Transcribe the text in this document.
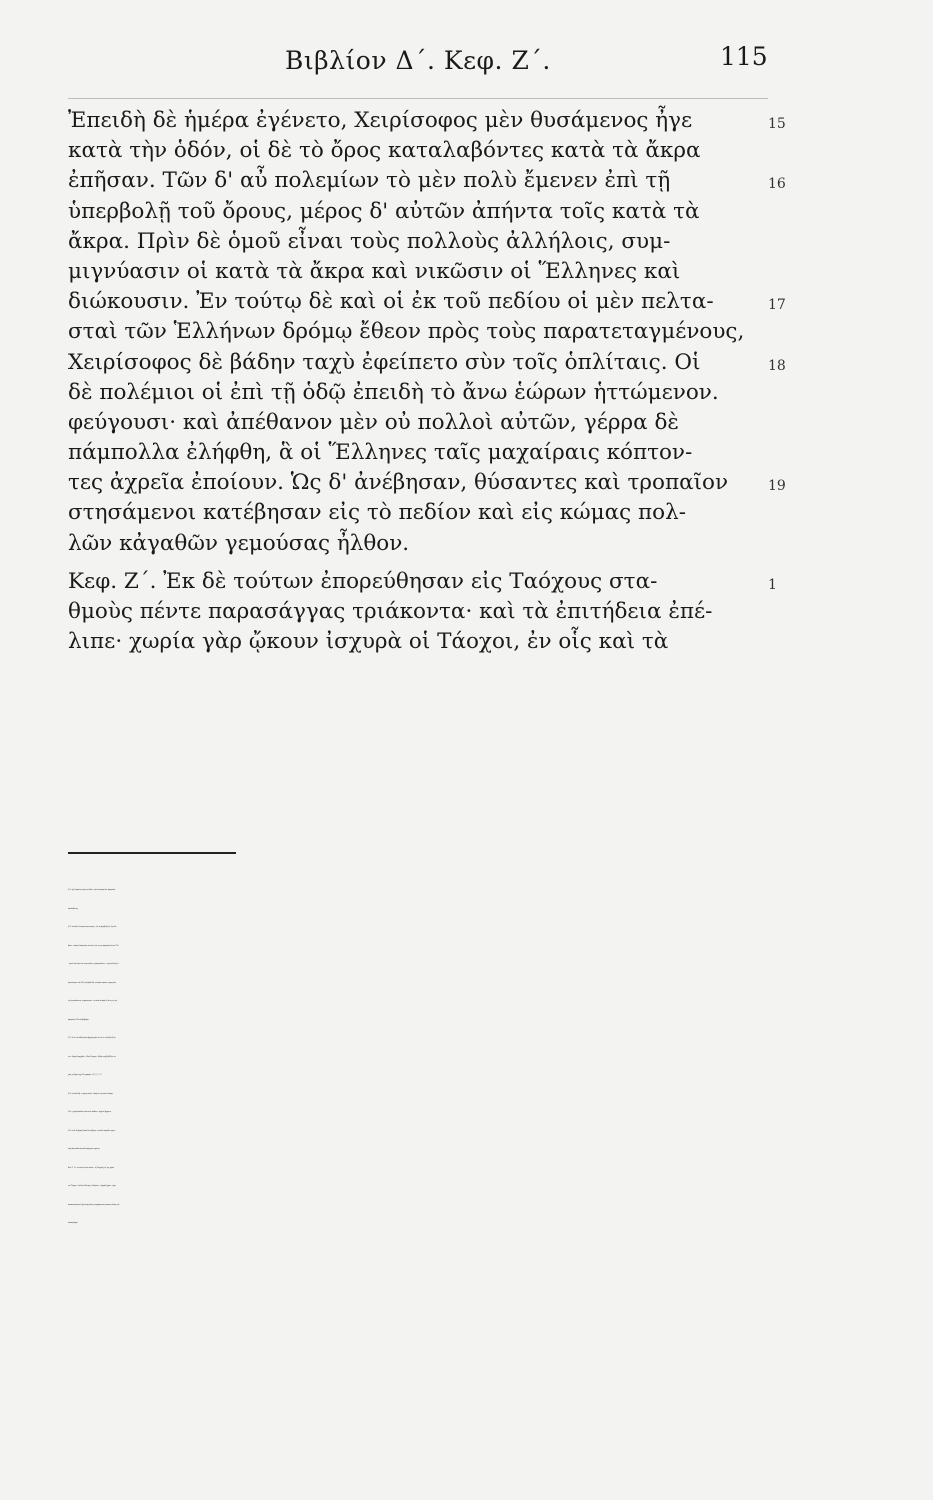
Βιβλίον Δ΄. Κεφ. Ζ΄.	115
Ἐπειδὴ δὲ ἡμέρα ἐγένετο, Χειρίσοφος μὲν θυσάμενος ἦγε	15
κατὰ τὴν ὁδόν, οἱ δὲ τὸ ὄρος καταλαβόντες κατὰ τὰ ἄκρα
ἐπῆσαν. Τῶν δ' αὖ πολεμίων τὸ μὲν πολὺ ἔμενεν ἐπὶ τῇ	16
ὑπερβολῇ τοῦ ὄρους, μέρος δ' αὐτῶν ἀπήντα τοῖς κατὰ τὰ
ἄκρα. Πρὶν δὲ ὁμοῦ εἶναι τοὺς πολλοὺς ἀλλήλοις, συμ-
μιγνύασιν οἱ κατὰ τὰ ἄκρα καὶ νικῶσιν οἱ Ἕλληνες καὶ
διώκουσιν. Ἐν τούτῳ δὲ καὶ οἱ ἐκ τοῦ πεδίου οἱ μὲν πελτα-	17
σταὶ τῶν Ἑλλήνων δρόμῳ ἔθεον πρὸς τοὺς παρατεταγμένους,
Χειρίσοφος δὲ βάδην ταχὺ ἐφείπετο σὺν τοῖς ὁπλίταις. Οἱ	18
δὲ πολέμιοι οἱ ἐπὶ τῇ ὁδῷ ἐπειδὴ τὸ ἄνω ἑώρων ἡττώμενον.
φεύγουσι· καὶ ἀπέθανον μὲν οὐ πολλοὶ αὐτῶν, γέρρα δὲ
πάμπολλα ἐλήφθη, ἃ οἱ Ἕλληνες ταῖς μαχαίραις κόπτον-
τες ἀχρεῖα ἐποίουν. Ὡς δ' ἀνέβησαν, θύσαντες καὶ τροπαῖον	19
στησάμενοι κατέβησαν εἰς τὸ πεδίον καὶ εἰς κώμας πολ-
λῶν κἀγαθῶν γεμούσας ἦλθον.
Κεφ. Ζ΄. Ἐκ δὲ τούτων ἐπορεύθησαν εἰς Ταόχους στα-	1
θμοὺς πέντε παρασάγγας τριάκοντα· καὶ τὰ ἐπιτήδεια ἐπέ-
λιπε· χωρία γὰρ ᾤκουν ἰσχυρὰ οἱ Τάοχοι, ἐν οἷς καὶ τὰ
§ 15. ἦγε] ἐπορεύετο πρὸς τὴν ὁδόν.—κατὰ τὰ ἄκρα] τὰς ἀκρωρείας
καταλαβόντες.
§ 16. τὸ πολὺ] τὸ περισσότερον μέρος.—ἐπὶ τῇ ὑπερβολῇ] εἰς τὴν διά-
βασιν.—ἀπήντα] ἐπορεύετο ἐναντίον τῶν εἰς τὰς ἀκρωρείας ὄντων Ἑλλ.
—ὁμοῦ εἶναι] πρὶν νὰ συναντηθῶσι, συγκρουσθῶσιν.—τοὺς πολλοὺς] οἱ
περισσότεροι τῶν Ἑλλ. καὶ βαρβ. δηλ. τὰ κύρια σώματα. συμμιγνύα-
σιν] συμπλέκονται, συγκρούονται.—οἱ κατὰ τὰ ἄκρα] οἱ ὄντες εἰς τὰς
ἀκρωρείας Ἕλλ καὶ βάρβαροι.
§ 17. οἱ ἐκ τοῦ πεδίου] κατὰ βραχυλογίαν ἀντὶ οἱ ἐν τῷ πεδίῳ ἐξ αὐ-
τοῦ.—δρόμῳ] τροχάδην.—ἔθεον] ἔτρεχον.—βάδην ταχὺ] βαδίζων τα-
χέως, μὲ βῆμα ταχύ· ἴδε γραμματ. § 115, 6', 2, 6'.
§ 18. τὸ ἄνω] δηλ. τὸ μέρος αὐτῶν. ὃ ἀπήντα τοῖς κατὰ τὰ ἄκρα·
§ 24.—γέρρα] ἀσπίδες πλεκταὶ ἐκ κλάδων.—ἀχρεῖα] ἄχρηστα.
§ 19. ὡς δ' ἀνέβησαν] ἀφοῦ δὲ ἀνέβησαν.—πολλῶν κἀγαθῶν γεμού-
σας] ἀπὸ πολλὰ καὶ καλὰ πράγματα γεμάτας.
Κεφ. Ζ΄. § 1. ἐκ τούτων] μετὰ ταῦτα.—εἰς Ταόχους] εἰς τὴν χώραν
τῶν Ταόχων.—ἐπέλιπε] ἔλειψαν, ἐσώθησαν.—ἰσχυρὰ] ὀχυρά.—εἶχον
ἀνακεκομισμένοι] εἶχον φέρῃ ἐπάνω· περιφραστικὸς ὑπερσυντέλικος τοῦ
ἀνακομίζομαι.
